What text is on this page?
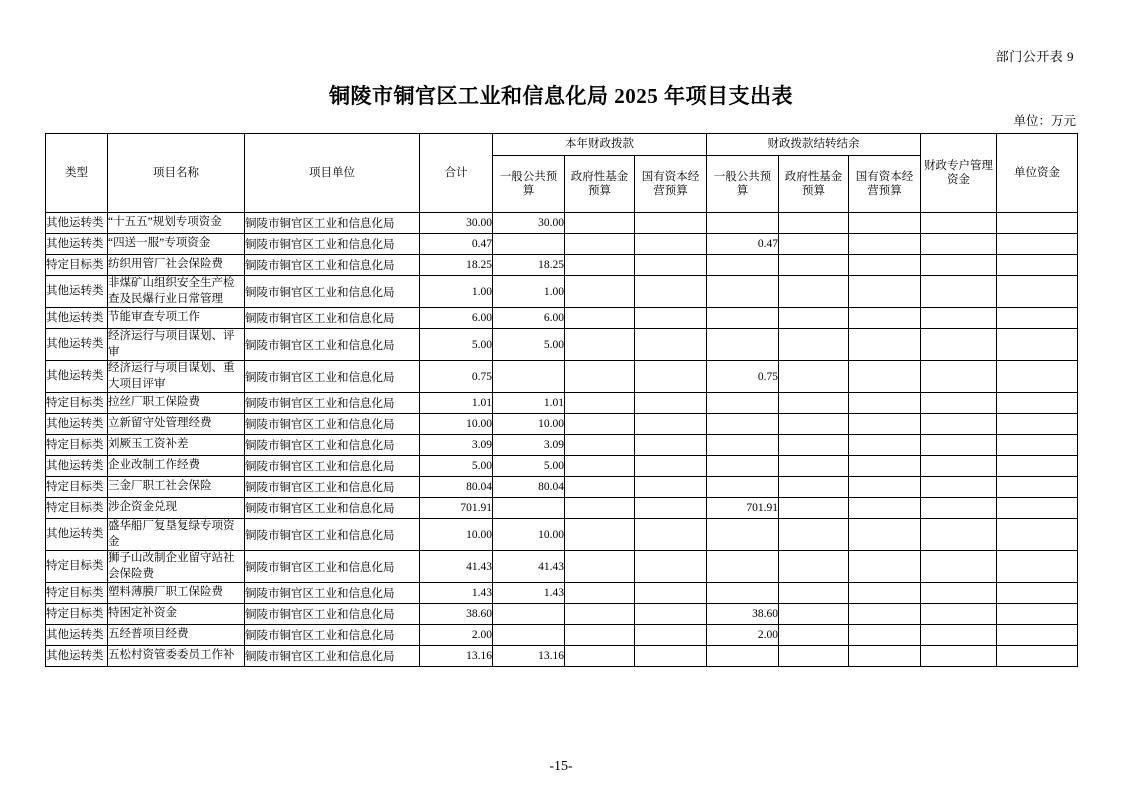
部门公开表 9
铜陵市铜官区工业和信息化局 2025 年项目支出表
单位：万元
类型	项目名称	项目单位	合计	本年财政拨款			财政拨款结转结余			财政专户管理资金	单位资金
				一般公共预算	政府性基金预算	国有资本经营预算	一般公共预算	政府性基金预算	国有资本经营预算		
其他运转类	“十五五”规划专项资金	铜陵市铜官区工业和信息化局	30.00	30.00							
其他运转类	“四送一服”专项资金	铜陵市铜官区工业和信息化局	0.47				0.47				
特定目标类	纺织用管厂社会保险费	铜陵市铜官区工业和信息化局	18.25	18.25							
其他运转类	非煤矿山组织安全生产检查及民爆行业日常管理	铜陵市铜官区工业和信息化局	1.00	1.00							
其他运转类	节能审查专项工作	铜陵市铜官区工业和信息化局	6.00	6.00							
其他运转类	经济运行与项目谋划、评审	铜陵市铜官区工业和信息化局	5.00	5.00							
其他运转类	经济运行与项目谋划、重大项目评审	铜陵市铜官区工业和信息化局	0.75				0.75				
特定目标类	拉丝厂职工保险费	铜陵市铜官区工业和信息化局	1.01	1.01							
其他运转类	立新留守处管理经费	铜陵市铜官区工业和信息化局	10.00	10.00							
特定目标类	刘厥玉工资补差	铜陵市铜官区工业和信息化局	3.09	3.09							
其他运转类	企业改制工作经费	铜陵市铜官区工业和信息化局	5.00	5.00							
特定目标类	三金厂职工社会保险	铜陵市铜官区工业和信息化局	80.04	80.04							
特定目标类	涉企资金兑现	铜陵市铜官区工业和信息化局	701.91				701.91				
其他运转类	盛华船厂复垦复绿专项资金	铜陵市铜官区工业和信息化局	10.00	10.00							
特定目标类	狮子山改制企业留守站社会保险费	铜陵市铜官区工业和信息化局	41.43	41.43							
特定目标类	塑料薄膜厂职工保险费	铜陵市铜官区工业和信息化局	1.43	1.43							
特定目标类	特困定补资金	铜陵市铜官区工业和信息化局	38.60				38.60				
其他运转类	五经普项目经费	铜陵市铜官区工业和信息化局	2.00				2.00				
其他运转类	五松村资管委委员工作补	铜陵市铜官区工业和信息化局	13.16	13.16							
-15-
